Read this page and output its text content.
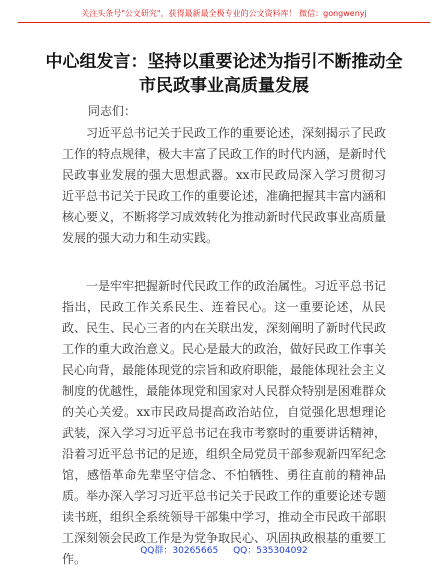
关注头条号"公文研究"，获得最新最全极专业的公文资料库！ 微信：gongwenyj
中心组发言：坚持以重要论述为指引不断推动全市民政事业高质量发展
同志们：

习近平总书记关于民政工作的重要论述，深刻揭示了民政工作的特点规律，极大丰富了民政工作的时代内涵，是新时代民政事业发展的强大思想武器。xx市民政局深入学习贯彻习近平总书记关于民政工作的重要论述，准确把握其丰富内涵和核心要义，不断将学习成效转化为推动新时代民政事业高质量发展的强大动力和生动实践。

一是牢牢把握新时代民政工作的政治属性。习近平总书记指出，民政工作关系民生、连着民心。这一重要论述，从民政、民生、民心三者的内在关联出发，深刻阐明了新时代民政工作的重大政治意义。民心是最大的政治，做好民政工作事关民心向背，最能体现党的宗旨和政府职能，最能体现社会主义制度的优越性，最能体现党和国家对人民群众特别是困难群众的关心关爱。xx市民政局提高政治站位，自觉强化思想理论武装，深入学习习近平总书记在我市考察时的重要讲话精神，沿着习近平总书记的足迹，组织全局党员干部参观新四军纪念馆，感悟革命先辈坚守信念、不怕牺牲、勇往直前的精神品质。举办深入学习习近平总书记关于民政工作的重要论述专题读书班，组织全系统领导干部集中学习，推动全市民政干部职工深刻领会民政工作是为党争取民心、巩固执政根基的重要工作。

QQ群：30265665 QQ：535304092
